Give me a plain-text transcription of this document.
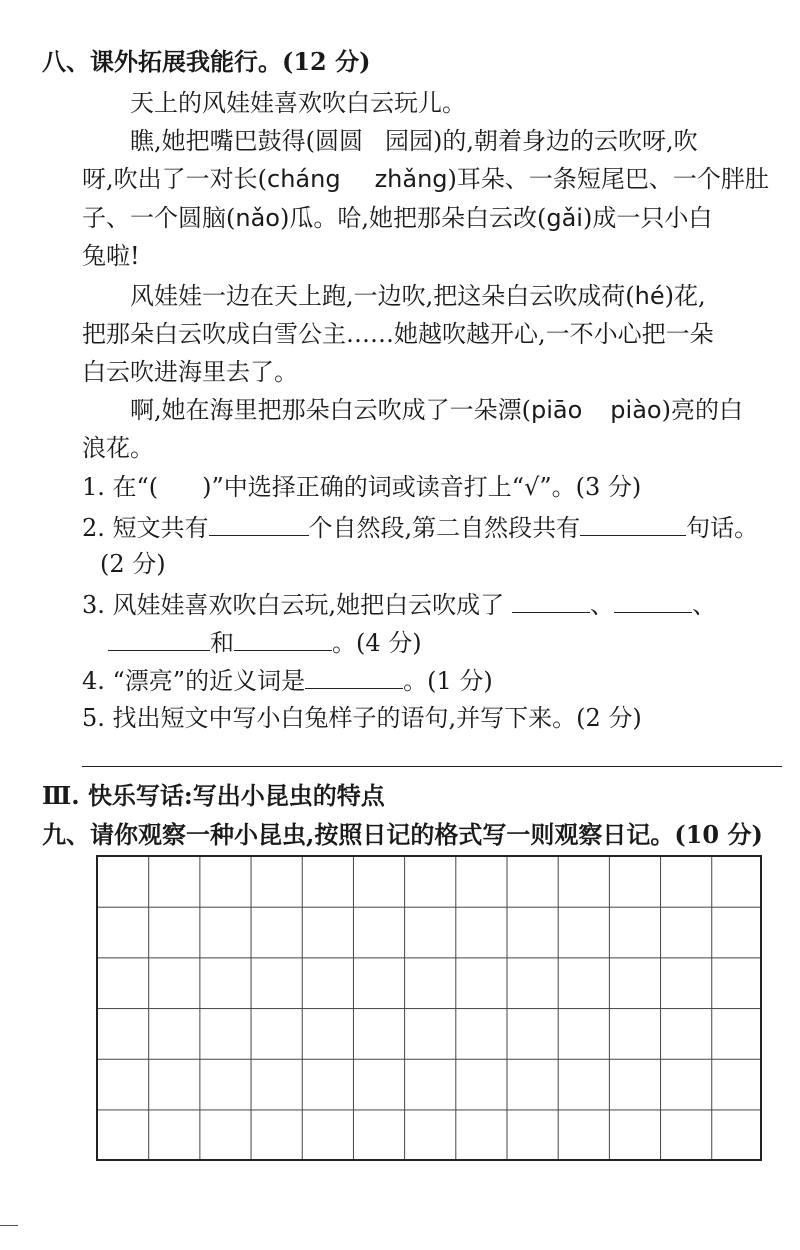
八、课外拓展我能行。(12 分)
天上的风娃娃喜欢吹白云玩儿。
瞧,她把嘴巴鼓得(圆圆 园园)的,朝着身边的云吹呀,吹
呀,吹出了一对长(cháng zhǎng)耳朵、一条短尾巴、一个胖肚
子、一个圆脑(nǎo)瓜。哈,她把那朵白云改(gǎi)成一只小白
兔啦!
风娃娃一边在天上跑,一边吹,把这朵白云吹成荷(hé)花,
把那朵白云吹成白雪公主……她越吹越开心,一不小心把一朵
白云吹进海里去了。
啊,她在海里把那朵白云吹成了一朵漂(piāo piào)亮的白
浪花。
1. 在“( )”中选择正确的词或读音打上“√”。(3 分)
2. 短文共有	个自然段,第二自然段共有	句话。
(2 分)
3. 风娃娃喜欢吹白云玩,她把白云吹成了	、	、
和	。(4 分)
4. “漂亮”的近义词是	。(1 分)
5. 找出短文中写小白兔样子的语句,并写下来。(2 分)
Ⅲ. 快乐写话:写出小昆虫的特点
九、请你观察一种小昆虫,按照日记的格式写一则观察日记。(10 分)
